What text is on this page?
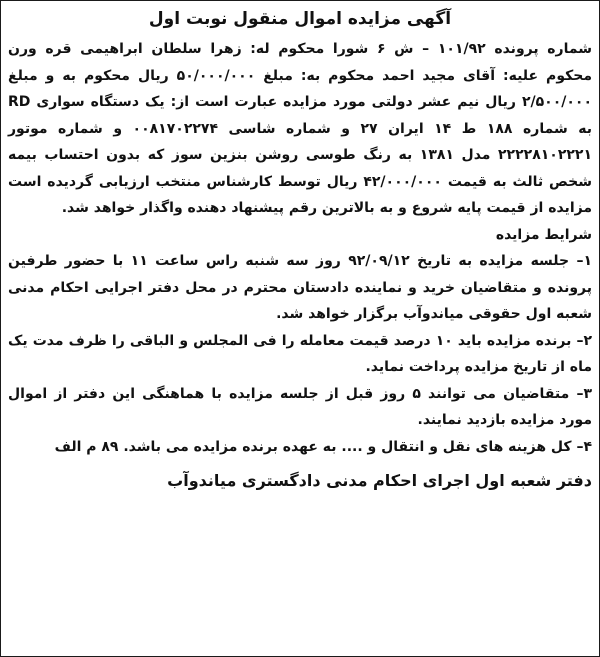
آگهی مزایده اموال منقول نوبت اول

شماره پرونده ۱۰۱/۹۲ – ش ۶ شورا محکوم له: زهرا سلطان ابراهیمی قره ورن محکوم علیه: آقای مجید احمد محکوم به: مبلغ ۵۰/۰۰۰/۰۰۰ ریال محکوم به و مبلغ ۲/۵۰۰/۰۰۰ ریال نیم عشر دولتی مورد مزایده عبارت است از: یک دستگاه سواری RD به شماره ۱۸۸ ط ۱۴ ایران ۲۷ و شماره شاسی ۰۰۸۱۷۰۲۲۷۴ و شماره موتور ۲۲۲۲۸۱۰۲۲۲۱ مدل ۱۳۸۱ به رنگ طوسی روشن بنزین سوز که بدون احتساب بیمه شخص ثالث به قیمت ۴۲/۰۰۰/۰۰۰ ریال توسط کارشناس منتخب ارزیابی گردیده است مزایده از قیمت پایه شروع و به بالاترین رقم پیشنهاد دهنده واگذار خواهد شد.

شرایط مزایده

۱– جلسه مزایده به تاریخ ۹۲/۰۹/۱۲ روز سه شنبه راس ساعت ۱۱ با حضور طرفین پرونده و متقاضیان خرید و نماینده دادستان محترم در محل دفتر اجرایی احکام مدنی شعبه اول حقوقی میاندوآب برگزار خواهد شد.

۲– برنده مزایده باید ۱۰ درصد قیمت معامله را فی المجلس و الباقی را ظرف مدت یک ماه از تاریخ مزایده پرداخت نماید.

۳– متقاضیان می توانند ۵ روز قبل از جلسه مزایده با هماهنگی این دفتر از اموال مورد مزایده بازدید نمایند.

۴– کل هزینه های نقل و انتقال و .... به عهده برنده مزایده می باشد. ۸۹ م الف

دفتر شعبه اول اجرای احکام مدنی دادگستری میاندوآب
